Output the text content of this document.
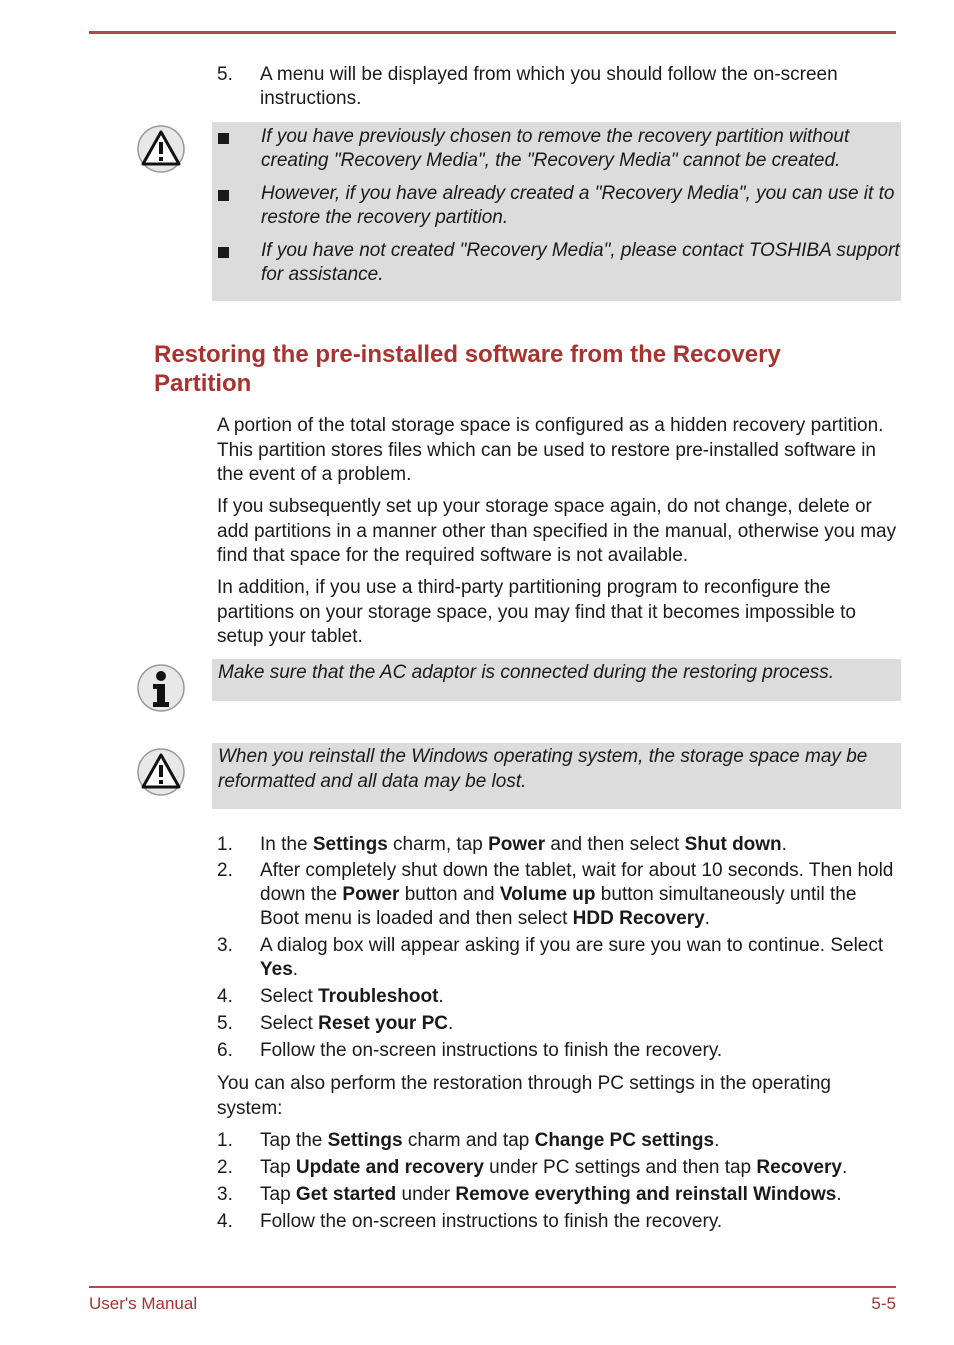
5. A menu will be displayed from which you should follow the on-screen instructions.
If you have previously chosen to remove the recovery partition without creating "Recovery Media", the "Recovery Media" cannot be created.
However, if you have already created a "Recovery Media", you can use it to restore the recovery partition.
If you have not created "Recovery Media", please contact TOSHIBA support for assistance.
Restoring the pre-installed software from the Recovery Partition
A portion of the total storage space is configured as a hidden recovery partition. This partition stores files which can be used to restore pre-installed software in the event of a problem.
If you subsequently set up your storage space again, do not change, delete or add partitions in a manner other than specified in the manual, otherwise you may find that space for the required software is not available.
In addition, if you use a third-party partitioning program to reconfigure the partitions on your storage space, you may find that it becomes impossible to setup your tablet.
Make sure that the AC adaptor is connected during the restoring process.
When you reinstall the Windows operating system, the storage space may be reformatted and all data may be lost.
1. In the Settings charm, tap Power and then select Shut down.
2. After completely shut down the tablet, wait for about 10 seconds. Then hold down the Power button and Volume up button simultaneously until the Boot menu is loaded and then select HDD Recovery.
3. A dialog box will appear asking if you are sure you wan to continue. Select Yes.
4. Select Troubleshoot.
5. Select Reset your PC.
6. Follow the on-screen instructions to finish the recovery.
You can also perform the restoration through PC settings in the operating system:
1. Tap the Settings charm and tap Change PC settings.
2. Tap Update and recovery under PC settings and then tap Recovery.
3. Tap Get started under Remove everything and reinstall Windows.
4. Follow the on-screen instructions to finish the recovery.
User's Manual	5-5
